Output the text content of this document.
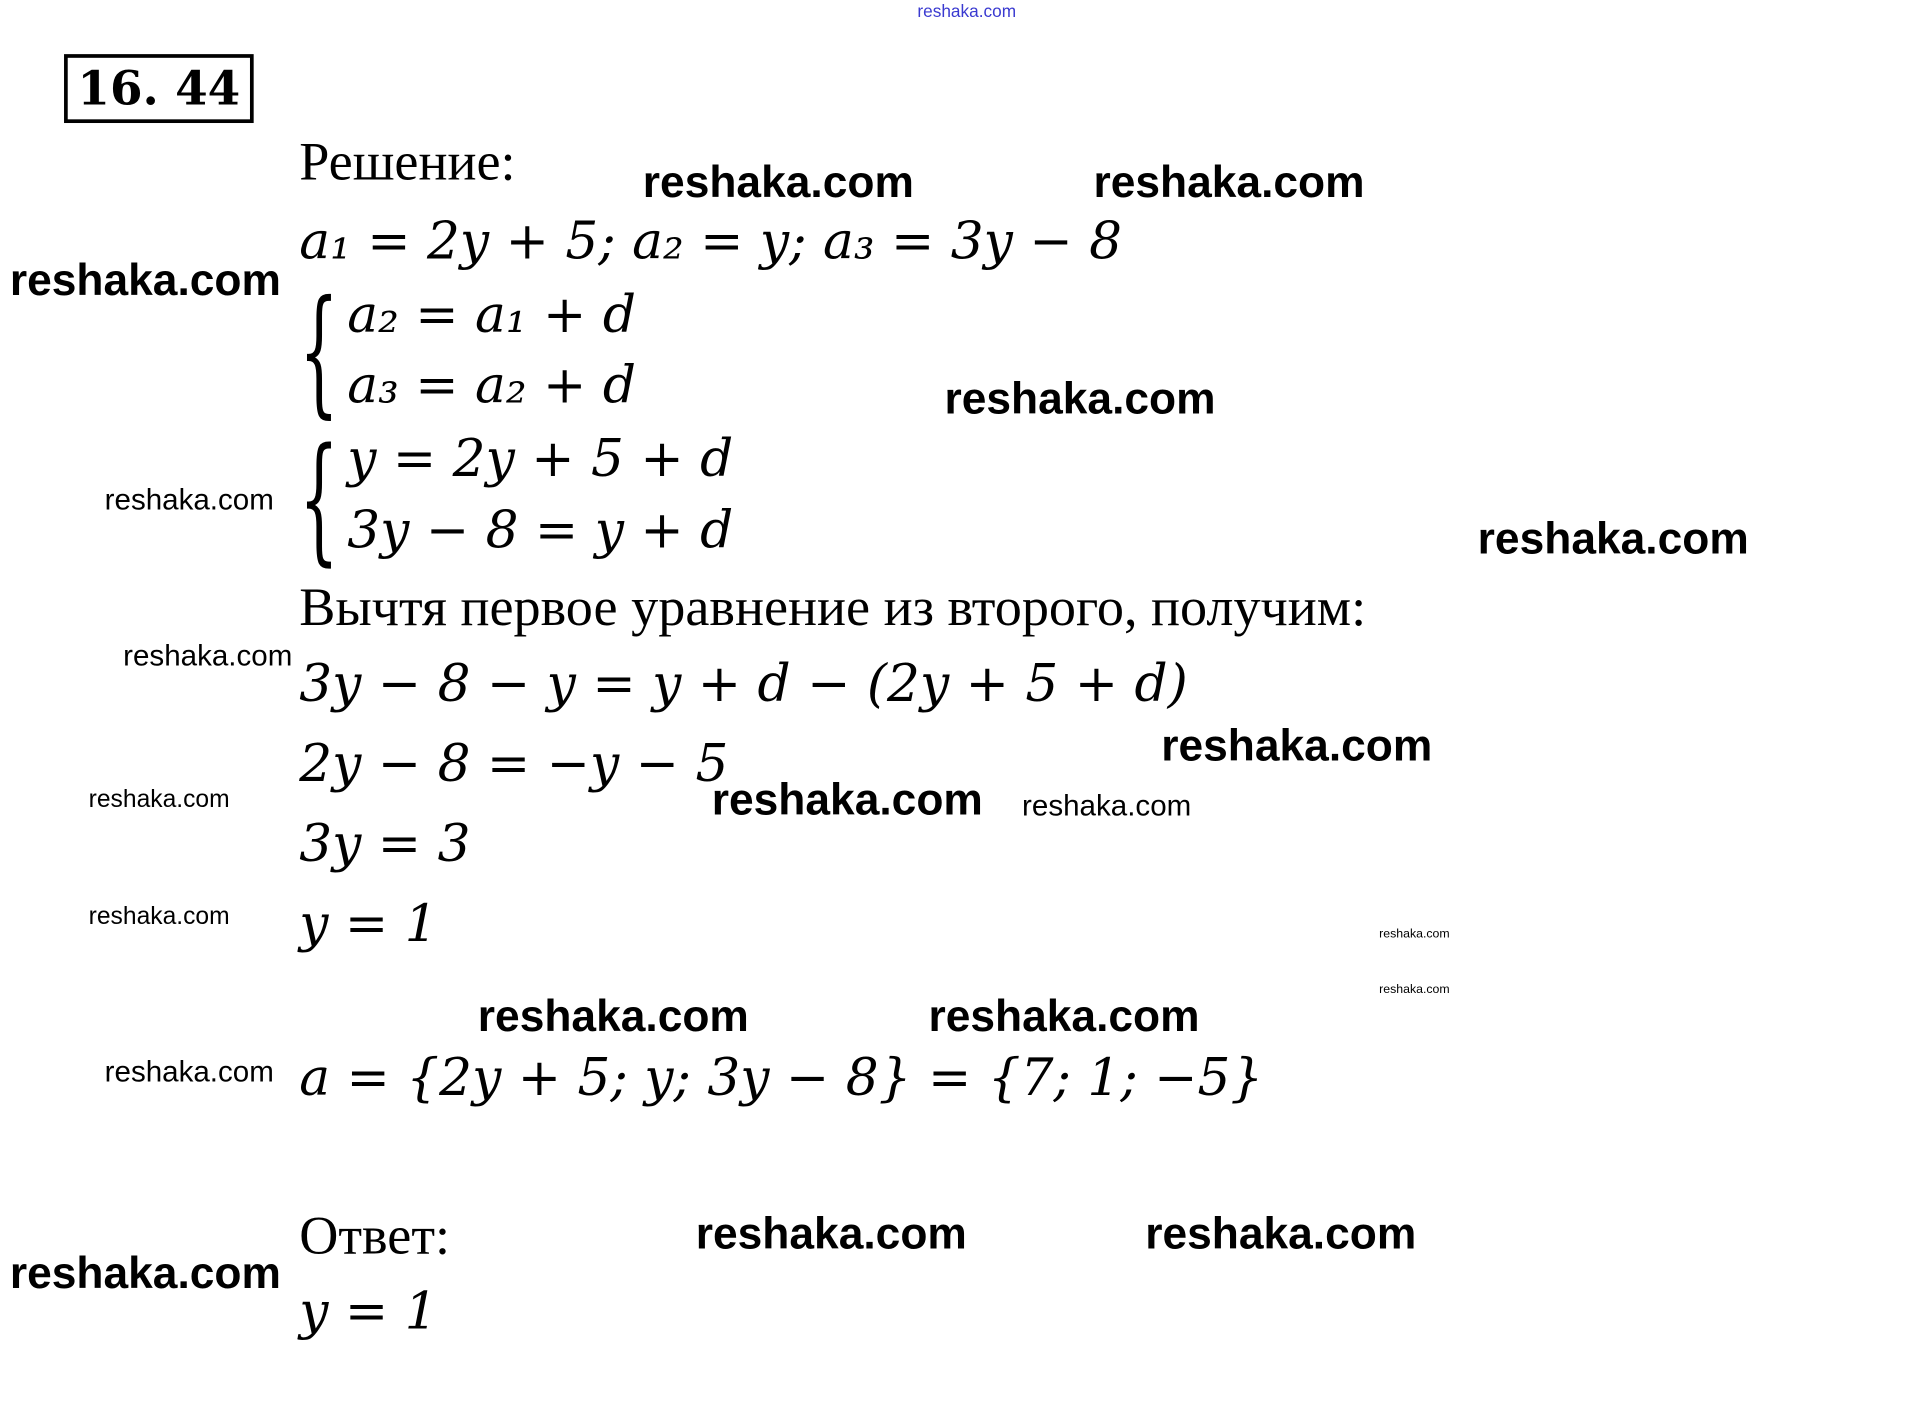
reshaka.com
16. 44
Решение:	reshaka.com	reshaka.com
a₁ = 2y + 5; a₂ = y; a₃ = 3y − 8
reshaka.com { a₂ = a₁ + d
a₃ = a₂ + d	reshaka.com
{ y = 2y + 5 + d
3y − 8 = y + d
reshaka.com
reshaka.com
Вычтя первое уравнение из второго, получим:
reshaka.com 3y − 8 − y = y + d − (2y + 5 + d)
reshaka.com
2y − 8 = −y − 5
reshaka.com	reshaka.com
reshaka.com
3y = 3
reshaka.com y = 1	reshaka.com
reshaka.com
reshaka.com	reshaka.com
reshaka.com a = {2y + 5; y; 3y − 8} = {7; 1; −5}
Ответ:	reshaka.com	reshaka.com
reshaka.com
y = 1
